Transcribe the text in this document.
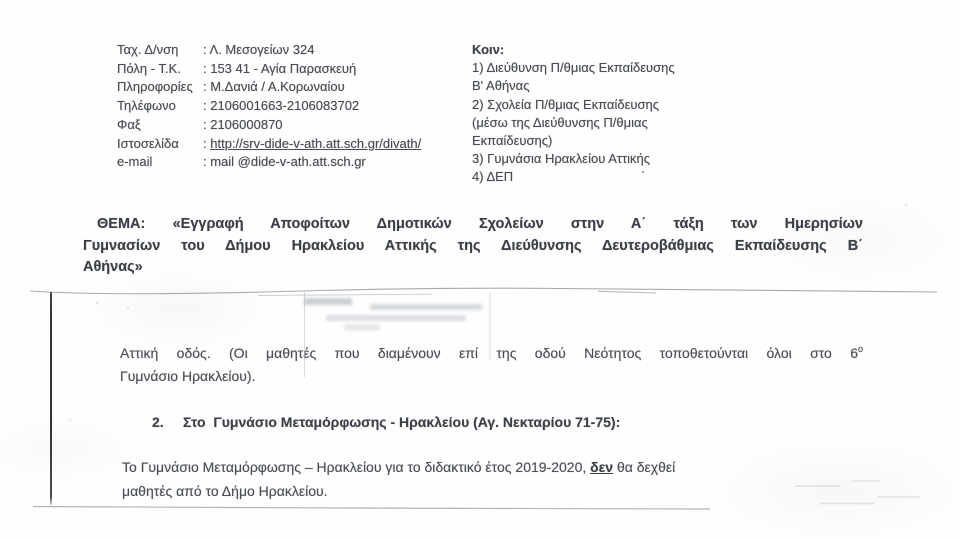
Ταχ. Δ/νση	: Λ. Μεσογείων 324
Πόλη - Τ.Κ.	: 153 41 - Αγία Παρασκευή
Πληροφορίες : Μ.Δανιά / Α.Κορωναίου
Τηλέφωνο	: 2106001663-2106083702
Φαξ	: 2106000870
Ιστοσελίδα	: http://srv-dide-v-ath.att.sch.gr/divath/
e-mail	: mail @dide-v-ath.att.sch.gr
Κοιν:
1) Διεύθυνση Π/θμιας Εκπαίδευσης
Β' Αθήνας
2) Σχολεία Π/θμιας Εκπαίδευσης
(μέσω της Διεύθυνσης Π/θμιας
Εκπαίδευσης)
3) Γυμνάσια Ηρακλείου Αττικής
4) ΔΕΠ
ΘΕΜΑ: «Εγγραφή Αποφοίτων Δημοτικών Σχολείων στην Α΄ τάξη των Ημερησίων
Γυμνασίων του Δήμου Ηρακλείου Αττικής της Διεύθυνσης Δευτεροβάθμιας Εκπαίδευσης Β΄
Αθήνας»
Αττική οδός. (Οι μαθητές που διαμένουν επί της οδού Νεότητος τοποθετούνται όλοι στο $6^o$
Γυμνάσιο Ηρακλείου).
2.	Στο  Γυμνάσιο Μεταμόρφωσης - Ηρακλείου (Αγ. Νεκταρίου 71-75):
Το Γυμνάσιο Μεταμόρφωσης – Ηρακλείου για το διδακτικό έτος 2019-2020, δεν θα δεχθεί
μαθητές από το Δήμο Ηρακλείου.
